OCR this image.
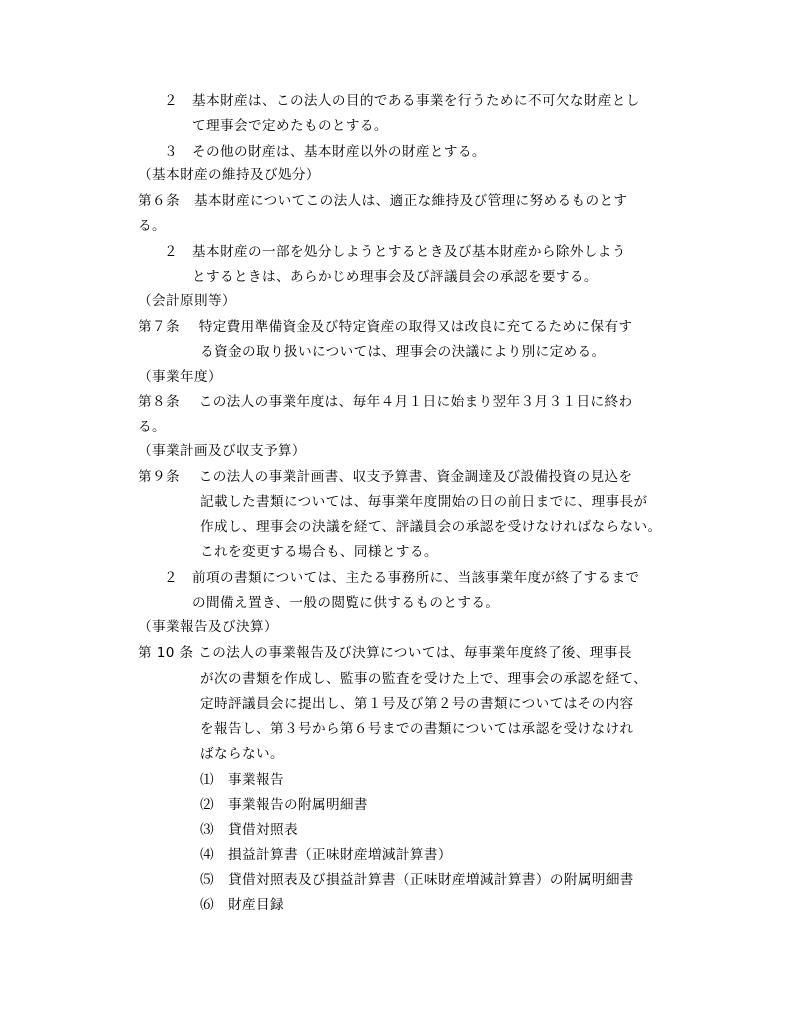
２　基本財産は、この法人の目的である事業を行うために不可欠な財産とし
て理事会で定めたものとする。
３　その他の財産は、基本財産以外の財産とする。
（基本財産の維持及び処分）
第６条　基本財産についてこの法人は、適正な維持及び管理に努めるものとす
る。
２　基本財産の一部を処分しようとするとき及び基本財産から除外しよう
とするときは、あらかじめ理事会及び評議員会の承認を要する。
（会計原則等）
第７条　 特定費用準備資金及び特定資産の取得又は改良に充てるために保有す
る資金の取り扱いについては、理事会の決議により別に定める。
（事業年度）
第８条　 この法人の事業年度は、毎年４月１日に始まり翌年３月３１日に終わ
る。
（事業計画及び収支予算）
第９条　 この法人の事業計画書、収支予算書、資金調達及び設備投資の見込を
記載した書類については、毎事業年度開始の日の前日までに、理事長が
作成し、理事会の決議を経て、評議員会の承認を受けなければならない。
これを変更する場合も、同様とする。
２　前項の書類については、主たる事務所に、当該事業年度が終了するまで
の間備え置き、一般の閲覧に供するものとする。
（事業報告及び決算）
第 10 条 この法人の事業報告及び決算については、毎事業年度終了後、理事長
が次の書類を作成し、監事の監査を受けた上で、理事会の承認を経て、
定時評議員会に提出し、第１号及び第２号の書類についてはその内容
を報告し、第３号から第６号までの書類については承認を受けなけれ
ばならない。
⑴　事業報告
⑵　事業報告の附属明細書
⑶　貸借対照表
⑷　損益計算書（正味財産増減計算書）
⑸　貸借対照表及び損益計算書（正味財産増減計算書）の附属明細書
⑹　財産目録
